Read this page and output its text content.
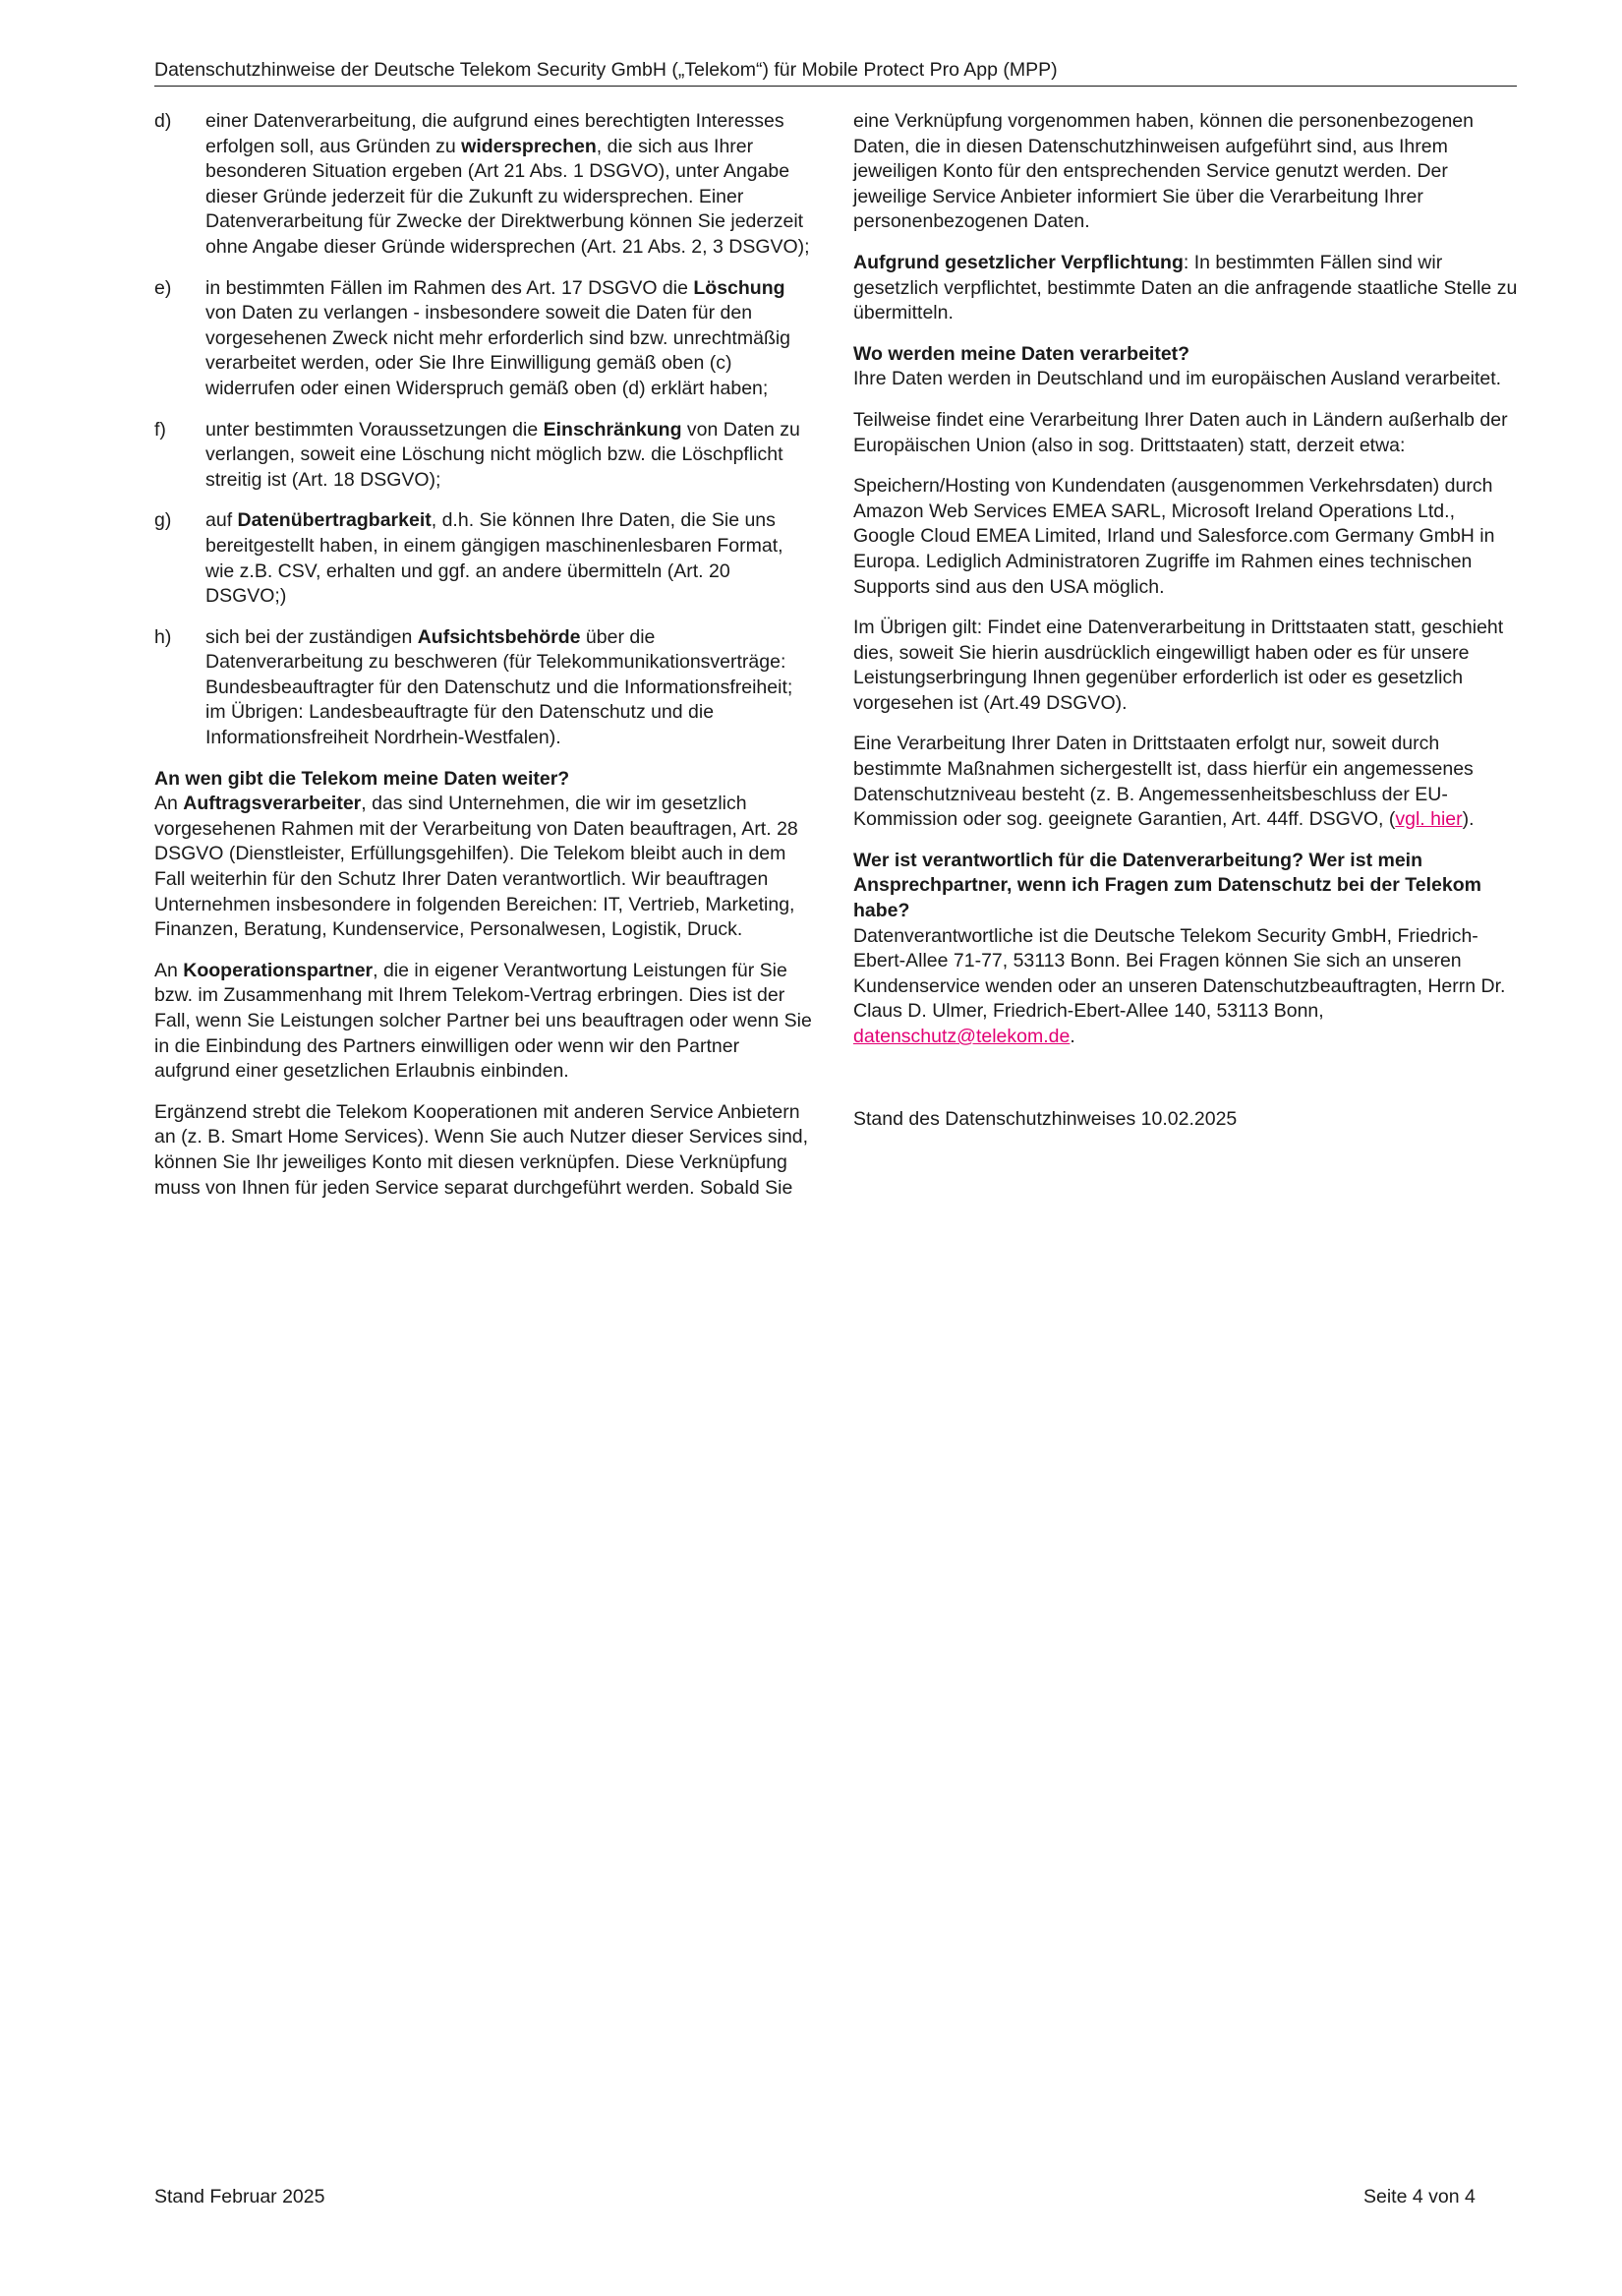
Datenschutzhinweise der Deutsche Telekom Security GmbH („Telekom“) für Mobile Protect Pro App (MPP)
d)	einer Datenverarbeitung, die aufgrund eines berechtigten Interesses erfolgen soll, aus Gründen zu widersprechen, die sich aus Ihrer besonderen Situation ergeben (Art 21 Abs. 1 DSGVO), unter Angabe dieser Gründe jederzeit für die Zukunft zu widersprechen. Einer Datenverarbeitung für Zwecke der Direktwerbung können Sie jederzeit ohne Angabe dieser Gründe widersprechen (Art. 21 Abs. 2, 3 DSGVO);
e)	in bestimmten Fällen im Rahmen des Art. 17 DSGVO die Löschung von Daten zu verlangen - insbesondere soweit die Daten für den vorgesehenen Zweck nicht mehr erforderlich sind bzw. unrechtmäßig verarbeitet werden, oder Sie Ihre Einwilligung gemäß oben (c) widerrufen oder einen Widerspruch gemäß oben (d) erklärt haben;
f)	unter bestimmten Voraussetzungen die Einschränkung von Daten zu verlangen, soweit eine Löschung nicht möglich bzw. die Löschpflicht streitig ist (Art. 18 DSGVO);
g)	auf Datenübertragbarkeit, d.h. Sie können Ihre Daten, die Sie uns bereitgestellt haben, in einem gängigen maschinenlesbaren Format, wie z.B. CSV, erhalten und ggf. an andere übermitteln (Art. 20 DSGVO;)
h)	sich bei der zuständigen Aufsichtsbehörde über die Datenverarbeitung zu beschweren (für Telekommunikationsverträge: Bundesbeauftragter für den Datenschutz und die Informationsfreiheit; im Übrigen: Landesbeauftragte für den Datenschutz und die Informationsfreiheit Nordrhein-Westfalen).

An wen gibt die Telekom meine Daten weiter?
An Auftragsverarbeiter, das sind Unternehmen, die wir im gesetzlich vorgesehenen Rahmen mit der Verarbeitung von Daten beauftragen, Art. 28 DSGVO (Dienstleister, Erfüllungsgehilfen). Die Telekom bleibt auch in dem Fall weiterhin für den Schutz Ihrer Daten verantwortlich. Wir beauftragen Unternehmen insbesondere in folgenden Bereichen: IT, Vertrieb, Marketing, Finanzen, Beratung, Kundenservice, Personalwesen, Logistik, Druck.

An Kooperationspartner, die in eigener Verantwortung Leistungen für Sie bzw. im Zusammenhang mit Ihrem Telekom-Vertrag erbringen. Dies ist der Fall, wenn Sie Leistungen solcher Partner bei uns beauftragen oder wenn Sie in die Einbindung des Partners einwilligen oder wenn wir den Partner aufgrund einer gesetzlichen Erlaubnis einbinden.

Ergänzend strebt die Telekom Kooperationen mit anderen Service Anbietern an (z. B. Smart Home Services). Wenn Sie auch Nutzer dieser Services sind, können Sie Ihr jeweiliges Konto mit diesen verknüpfen. Diese Verknüpfung muss von Ihnen für jeden Service separat durchgeführt werden. Sobald Sie

eine Verknüpfung vorgenommen haben, können die personenbezogenen Daten, die in diesen Datenschutzhinweisen aufgeführt sind, aus Ihrem jeweiligen Konto für den entsprechenden Service genutzt werden. Der jeweilige Service Anbieter informiert Sie über die Verarbeitung Ihrer personenbezogenen Daten.

Aufgrund gesetzlicher Verpflichtung: In bestimmten Fällen sind wir gesetzlich verpflichtet, bestimmte Daten an die anfragende staatliche Stelle zu übermitteln.

Wo werden meine Daten verarbeitet?
Ihre Daten werden in Deutschland und im europäischen Ausland verarbeitet.

Teilweise findet eine Verarbeitung Ihrer Daten auch in Ländern außerhalb der Europäischen Union (also in sog. Drittstaaten) statt, derzeit etwa:

Speichern/Hosting von Kundendaten (ausgenommen Verkehrsdaten) durch Amazon Web Services EMEA SARL, Microsoft Ireland Operations Ltd., Google Cloud EMEA Limited, Irland und Salesforce.com Germany GmbH in Europa. Lediglich Administratoren Zugriffe im Rahmen eines technischen Supports sind aus den USA möglich.

Im Übrigen gilt: Findet eine Datenverarbeitung in Drittstaaten statt, geschieht dies, soweit Sie hierin ausdrücklich eingewilligt haben oder es für unsere Leistungserbringung Ihnen gegenüber erforderlich ist oder es gesetzlich vorgesehen ist (Art.49 DSGVO).

Eine Verarbeitung Ihrer Daten in Drittstaaten erfolgt nur, soweit durch bestimmte Maßnahmen sichergestellt ist, dass hierfür ein angemessenes Datenschutzniveau besteht (z. B. Angemessenheitsbeschluss der EU-Kommission oder sog. geeignete Garantien, Art. 44ff. DSGVO, (vgl. hier).

Wer ist verantwortlich für die Datenverarbeitung? Wer ist mein Ansprechpartner, wenn ich Fragen zum Datenschutz bei der Telekom habe?
Datenverantwortliche ist die Deutsche Telekom Security GmbH, Friedrich-Ebert-Allee 71-77, 53113 Bonn. Bei Fragen können Sie sich an unseren Kundenservice wenden oder an unseren Datenschutzbeauftragten, Herrn Dr. Claus D. Ulmer, Friedrich-Ebert-Allee 140, 53113 Bonn, datenschutz@telekom.de.

Stand des Datenschutzhinweises 10.02.2025

Stand Februar 2025	Seite 4 von 4
